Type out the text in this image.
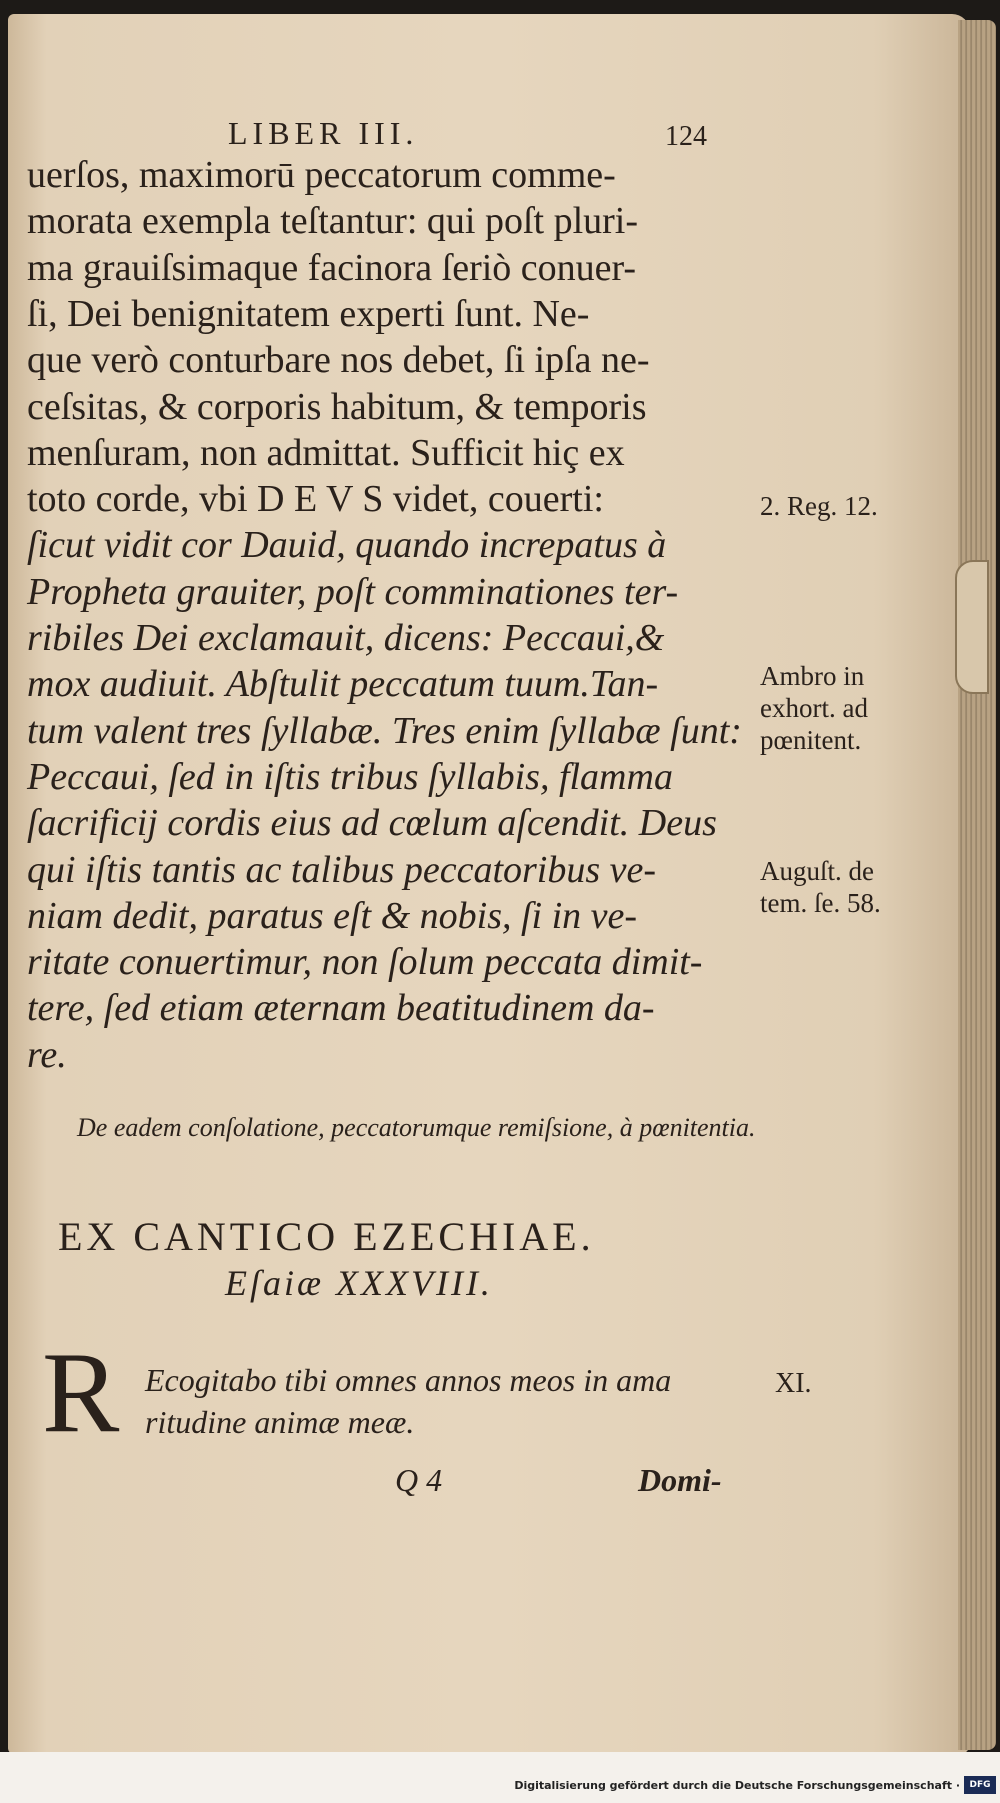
LIBER III.	124
uerſos, maximorū peccatorum comme-
morata exempla teſtantur: qui poſt pluri-
ma grauiſsimaque facinora ſeriò conuer-
ſi, Dei benignitatem experti ſunt. Ne-
que verò conturbare nos debet, ſi ipſa ne-
ceſsitas, & corporis habitum, & temporis
menſuram, non admittat. Sufficit hiç ex
toto corde, vbi D E V S videt, couerti:
ſicut vidit cor Dauid, quando increpatus à
Propheta grauiter, poſt comminationes ter-
ribiles Dei exclamauit, dicens: Peccaui,&
mox audiuit. Abſtulit peccatum tuum.Tan-
tum valent tres ſyllabæ. Tres enim ſyllabæ ſunt:
Peccaui, ſed in iſtis tribus ſyllabis, flamma
ſacrificij cordis eius ad cœlum aſcendit. Deus
qui iſtis tantis ac talibus peccatoribus ve-
niam dedit, paratus eſt & nobis, ſi in ve-
ritate conuertimur, non ſolum peccata dimit-
tere, ſed etiam æternam beatitudinem da-
re.
2. Reg. 12.
Ambro in
exhort. ad
pœnitent.
Auguſt. de
tem. ſe. 58.
De eadem conſolatione, peccatorumque remiſsione, à pœnitentia.
EX CANTICO EZECHIAE.
Eſaiæ XXXVIII.
R Ecogitabo tibi omnes annos meos in ama
ritudine animæ meæ.
XI.
Q 4	Domi-
Digitalisierung gefördert durch die Deutsche Forschungsgemeinschaft ·	DFG
